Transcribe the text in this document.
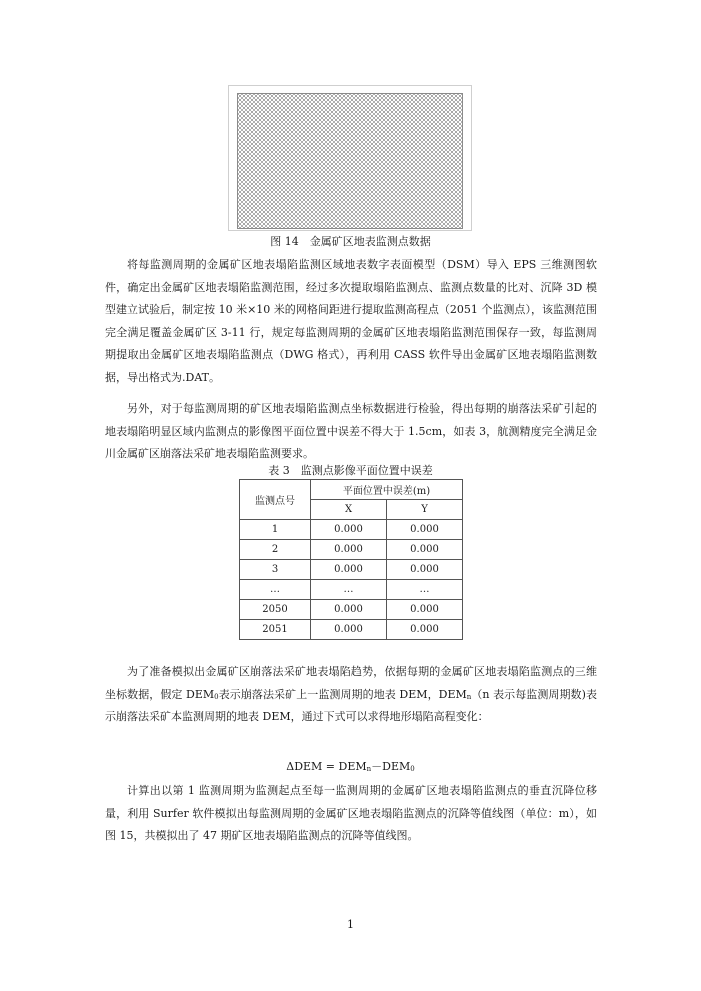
图 14　金属矿区地表监测点数据

将每监测周期的金属矿区地表塌陷监测区域地表数字表面模型（DSM）导入 EPS 三维测图软件，确定出金属矿区地表塌陷监测范围，经过多次提取塌陷监测点、监测点数量的比对、沉降 3D 模型建立试验后，制定按 10 米×10 米的网格间距进行提取监测高程点（2051 个监测点），该监测范围完全满足覆盖金属矿区 3-11 行，规定每监测周期的金属矿区地表塌陷监测范围保存一致，每监测周期提取出金属矿区地表塌陷监测点（DWG 格式），再利用 CASS 软件导出金属矿区地表塌陷监测数据，导出格式为.DAT。

另外，对于每监测周期的矿区地表塌陷监测点坐标数据进行检验，得出每期的崩落法采矿引起的地表塌陷明显区域内监测点的影像图平面位置中误差不得大于 1.5cm，如表 3，航测精度完全满足金川金属矿区崩落法采矿地表塌陷监测要求。

表 3　监测点影像平面位置中误差
监测点号	平面位置中误差(m)	
	X	Y
1	0.000	0.000
2	0.000	0.000
3	0.000	0.000
…	…	…
2050	0.000	0.000
2051	0.000	0.000

为了准备模拟出金属矿区崩落法采矿地表塌陷趋势，依据每期的金属矿区地表塌陷监测点的三维坐标数据，假定 $DEM_0$表示崩落法采矿上一监测周期的地表 DEM，$DEM_n(n$ 表示每监测周期数)表示崩落法采矿本监测周期的地表 DEM，通过下式可以求得地形塌陷高程变化：

$\Delta DEM = DEM_n-DEM_0$

计算出以第 1 监测周期为监测起点至每一监测周期的金属矿区地表塌陷监测点的垂直沉降位移量，利用 Surfer 软件模拟出每监测周期的金属矿区地表塌陷监测点的沉降等值线图（单位：m），如图 15，共模拟出了 47 期矿区地表塌陷监测点的沉降等值线图。

1
